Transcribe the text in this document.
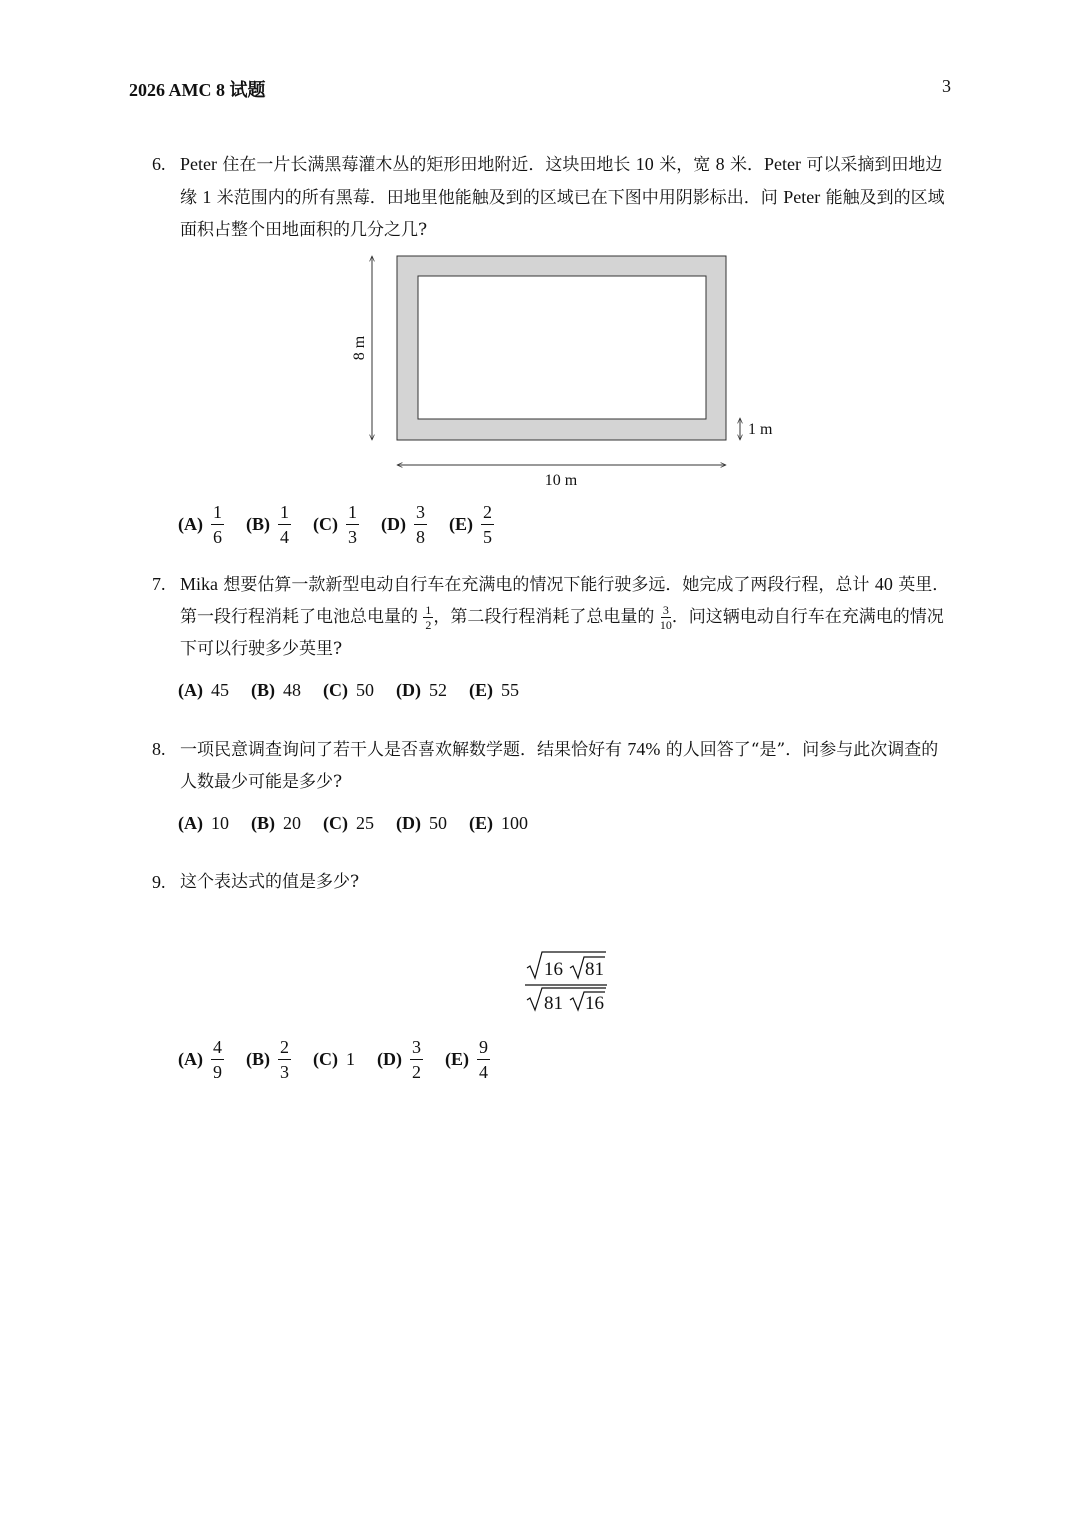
2026 AMC 8 试题	3
6. Peter 住在一片长满黑莓灌木丛的矩形田地附近．这块田地长 10 米，宽 8 米．Peter 可以采摘到田地边缘 1 米范围内的所有黑莓．田地里他能触及到的区域已在下图中用阴影标出．问 Peter 能触及到的区域面积占整个田地面积的几分之几?
8 m
10 m
1 m
$(A) \frac{1}{6} (B) \frac{1}{4} (C) \frac{1}{3} (D) \frac{3}{8} (E) \frac{2}{5}$
7. Mika 想要估算一款新型电动自行车在充满电的情况下能行驶多远．她完成了两段行程，总计 40 英里．第一段行程消耗了电池总电量的 $\frac{1}{2}$ ，第二段行程消耗了总电量的 $\frac{3}{10}$ ．问这辆电动自行车在充满电的情况下可以行驶多少英里?
(A) 45 (B) 48 (C) 50 (D) 52 (E) 55
8. 一项民意调查询问了若干人是否喜欢解数学题．结果恰好有 74% 的人回答了“是”．问参与此次调查的人数最少可能是多少?
(A) 10 (B) 20 (C) 25 (D) 50 (E) 100
9. 这个表达式的值是多少?
16 81
81 16
$(A) \frac{4}{9} (B) \frac{2}{3} (C)$ 1 $(D) \frac{3}{2} (E) \frac{9}{4}$
